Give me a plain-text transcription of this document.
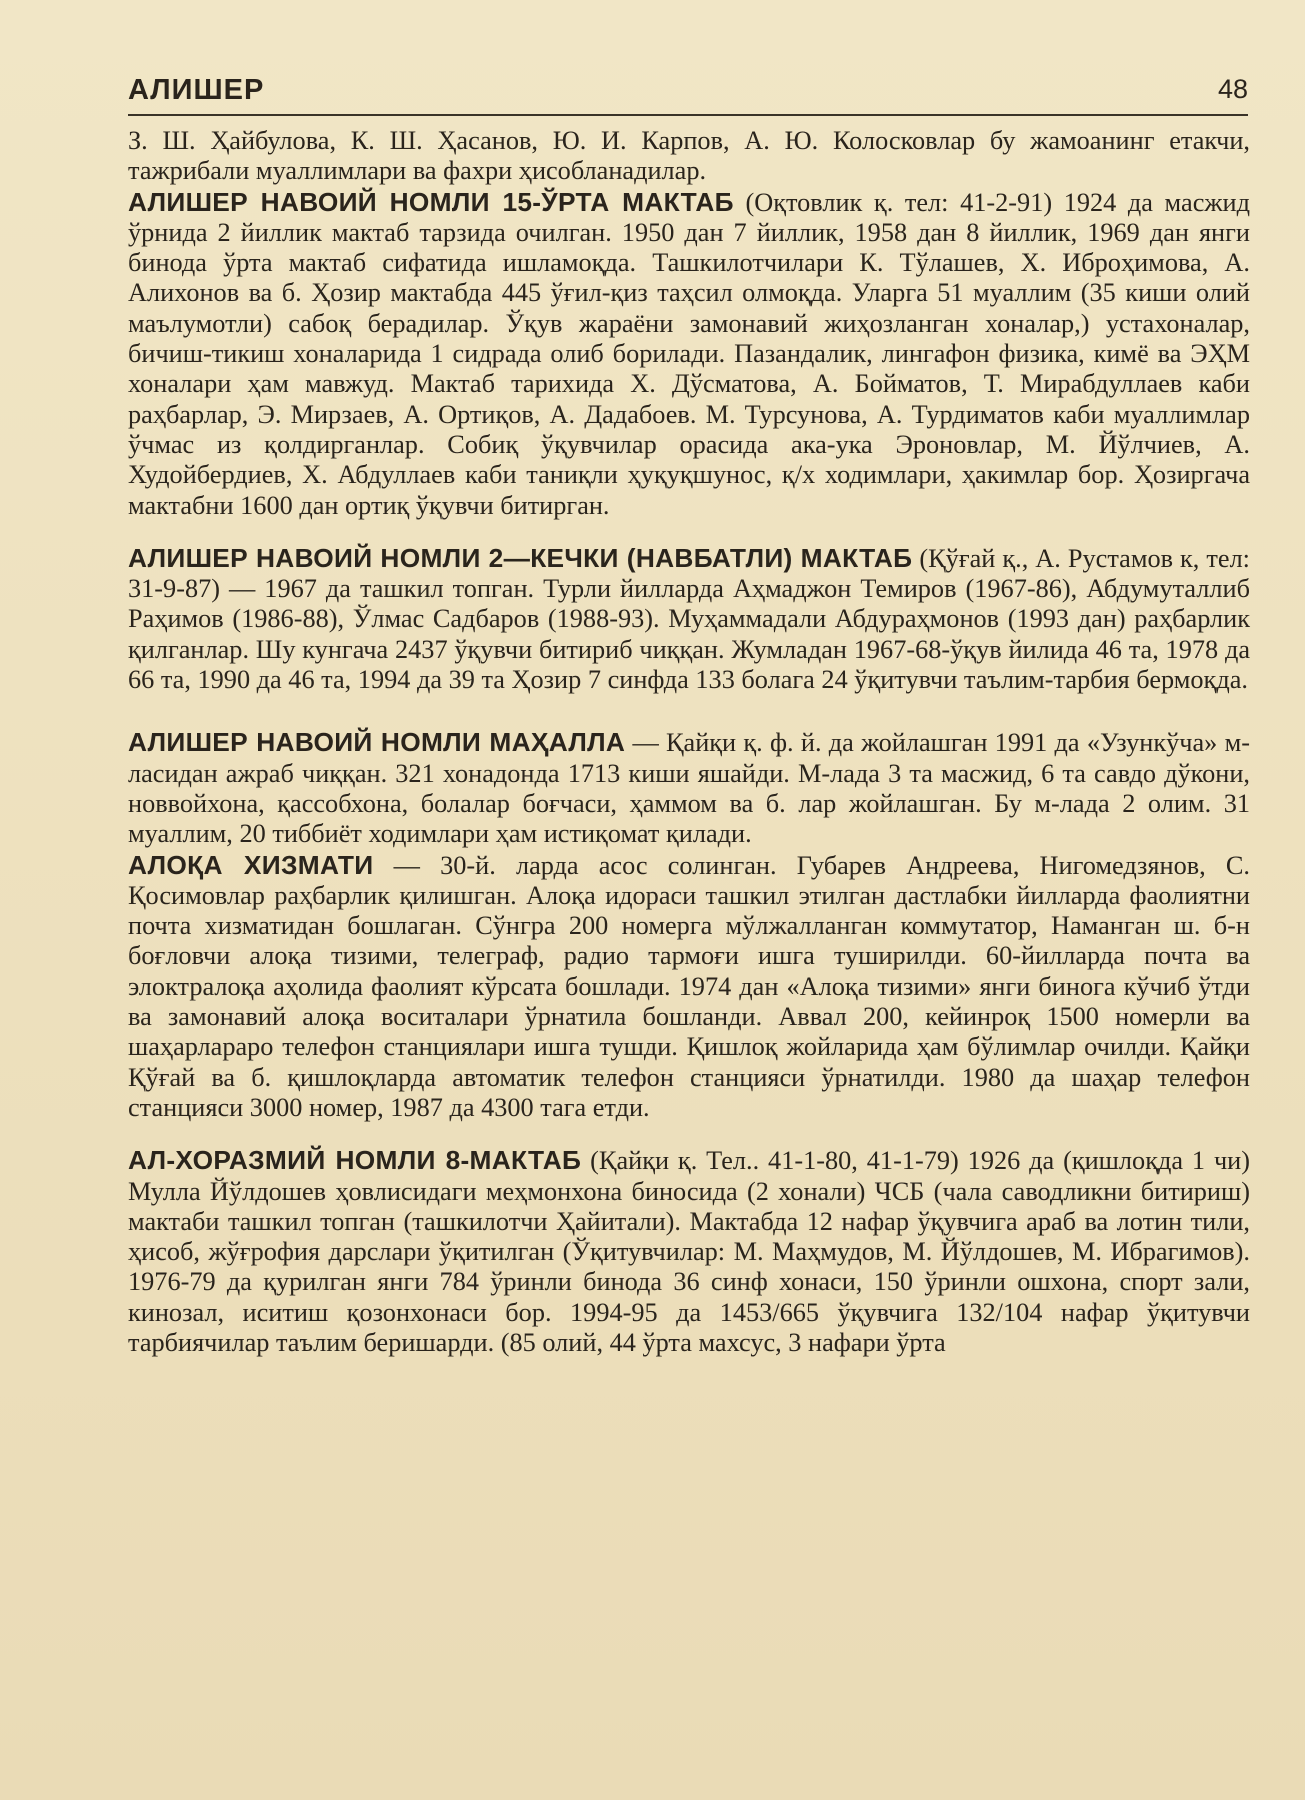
АЛИШЕР	48

З. Ш. Ҳайбулова, К. Ш. Ҳасанов, Ю. И. Карпов, А. Ю. Колосковлар бу жамоанинг етакчи, тажрибали муаллимлари ва фахри ҳисобланадилар.

АЛИШЕР НАВОИЙ НОМЛИ 15-ЎРТА МАКТАБ (Оқтовлик қ. тел: 41-2-91) 1924 да масжид ўрнида 2 йиллик мактаб тарзида очилган. 1950 дан 7 йиллик, 1958 дан 8 йиллик, 1969 дан янги бинода ўрта мактаб сифатида ишламоқда. Ташкилотчилари К. Тўлашев, Х. Иброҳимова, А. Алихонов ва б. Ҳозир мактабда 445 ўғил-қиз таҳсил олмоқда. Уларга 51 муаллим (35 киши олий маълумотли) сабоқ берадилар. Ўқув жараёни замонавий жиҳозланган хоналар,) устахоналар, бичиш-тикиш хоналарида 1 сидрада олиб борилади. Пазандалик, лингафон физика, кимё ва ЭҲМ хоналари ҳам мавжуд. Мактаб тарихида Х. Дўсматова, А. Бойматов, Т. Мирабдуллаев каби раҳбарлар, Э. Мирзаев, А. Ортиқов, А. Дадабоев. М. Турсунова, А. Турдиматов каби муаллимлар ўчмас из қолдирганлар. Собиқ ўқувчилар орасида ака-ука Эроновлар, М. Йўлчиев, А. Худойбердиев, Х. Абдуллаев каби таниқли ҳуқуқшунос, қ/х ходимлари, ҳакимлар бор. Ҳозиргача мактабни 1600 дан ортиқ ўқувчи битирган.

АЛИШЕР НАВОИЙ НОМЛИ 2—КЕЧКИ (НАВБАТЛИ) МАКТАБ (Қўғай қ., А. Рустамов к, тел: 31-9-87) — 1967 да ташкил топган. Турли йилларда Аҳмаджон Темиров (1967-86), Абдумуталлиб Раҳимов (1986-88), Ўлмас Садбаров (1988-93). Муҳаммадали Абдураҳмонов (1993 дан) раҳбарлик қилганлар. Шу кунгача 2437 ўқувчи битириб чиққан. Жумладан 1967-68-ўқув йилида 46 та, 1978 да 66 та, 1990 да 46 та, 1994 да 39 та Ҳозир 7 синфда 133 болага 24 ўқитувчи таълим-тарбия бермоқда.

АЛИШЕР НАВОИЙ НОМЛИ МАҲАЛЛА — Қайқи қ. ф. й. да жойлашган 1991 да «Узункўча» м-ласидан ажраб чиққан. 321 хонадонда 1713 киши яшайди. М-лада 3 та масжид, 6 та савдо дўкони, новвойхона, қассобхона, болалар боғчаси, ҳаммом ва б. лар жойлашган. Бу м-лада 2 олим. 31 муаллим, 20 тиббиёт ходимлари ҳам истиқомат қилади.

АЛОҚА ХИЗМАТИ — 30-й. ларда асос солинган. Губарев Андреева, Нигомедзянов, С. Қосимовлар раҳбарлик қилишган. Алоқа идораси ташкил этилган дастлабки йилларда фаолиятни почта хизматидан бошлаган. Сўнгра 200 номерга мўлжалланган коммутатор, Наманган ш. б-н боғловчи алоқа тизими, телеграф, радио тармоғи ишга туширилди. 60-йилларда почта ва элоктралоқа аҳолида фаолият кўрсата бошлади. 1974 дан «Алоқа тизими» янги бинога кўчиб ўтди ва замонавий алоқа воситалари ўрнатила бошланди. Аввал 200, кейинроқ 1500 номерли ва шаҳарлараро телефон станциялари ишга тушди. Қишлоқ жойларида ҳам бўлимлар очилди. Қайқи Қўғай ва б. қишлоқларда автоматик телефон станцияси ўрнатилди. 1980 да шаҳар телефон станцияси 3000 номер, 1987 да 4300 тага етди.

АЛ-ХОРАЗМИЙ НОМЛИ 8-МАКТАБ (Қайқи қ. Тел.. 41-1-80, 41-1-79) 1926 да (қишлоқда 1 чи) Мулла Йўлдошев ҳовлисидаги меҳмонхона биносида (2 хонали) ЧСБ (чала саводликни битириш) мактаби ташкил топган (ташкилотчи Ҳайитали). Мактабда 12 нафар ўқувчига араб ва лотин тили, ҳисоб, жўғрофия дарслари ўқитилган (Ўқитувчилар: М. Маҳмудов, М. Йўлдошев, М. Ибрагимов). 1976-79 да қурилган янги 784 ўринли бинода 36 синф хонаси, 150 ўринли ошхона, спорт зали, кинозал, иситиш қозонхонаси бор. 1994-95 да 1453/665 ўқувчига 132/104 нафар ўқитувчи тарбиячилар таълим беришарди. (85 олий, 44 ўрта махсус, 3 нафари ўрта
